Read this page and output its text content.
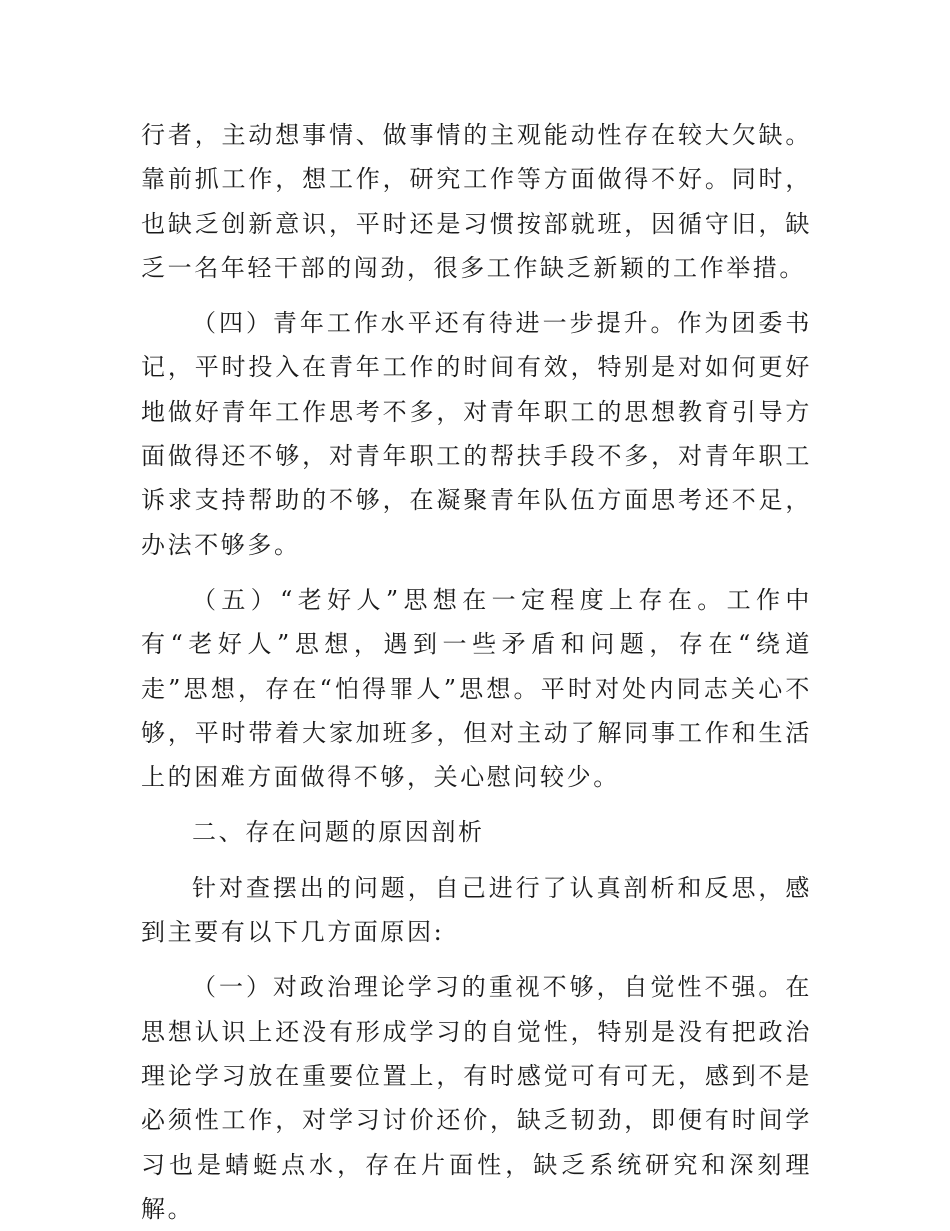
行者，主动想事情、做事情的主观能动性存在较大欠缺。靠前抓工作，想工作，研究工作等方面做得不好。同时，也缺乏创新意识，平时还是习惯按部就班，因循守旧，缺乏一名年轻干部的闯劲，很多工作缺乏新颖的工作举措。

（四）青年工作水平还有待进一步提升。作为团委书记，平时投入在青年工作的时间有效，特别是对如何更好地做好青年工作思考不多，对青年职工的思想教育引导方面做得还不够，对青年职工的帮扶手段不多，对青年职工诉求支持帮助的不够，在凝聚青年队伍方面思考还不足，办法不够多。

（五）“老好人”思想在一定程度上存在。工作中有“老好人”思想，遇到一些矛盾和问题，存在“绕道走”思想，存在“怕得罪人”思想。平时对处内同志关心不够，平时带着大家加班多，但对主动了解同事工作和生活上的困难方面做得不够，关心慰问较少。

二、存在问题的原因剖析

针对查摆出的问题，自己进行了认真剖析和反思，感到主要有以下几方面原因:

（一）对政治理论学习的重视不够，自觉性不强。在思想认识上还没有形成学习的自觉性，特别是没有把政治理论学习放在重要位置上，有时感觉可有可无，感到不是必须性工作，对学习讨价还价，缺乏韧劲，即便有时间学习也是蜻蜓点水，存在片面性，缺乏系统研究和深刻理解。
